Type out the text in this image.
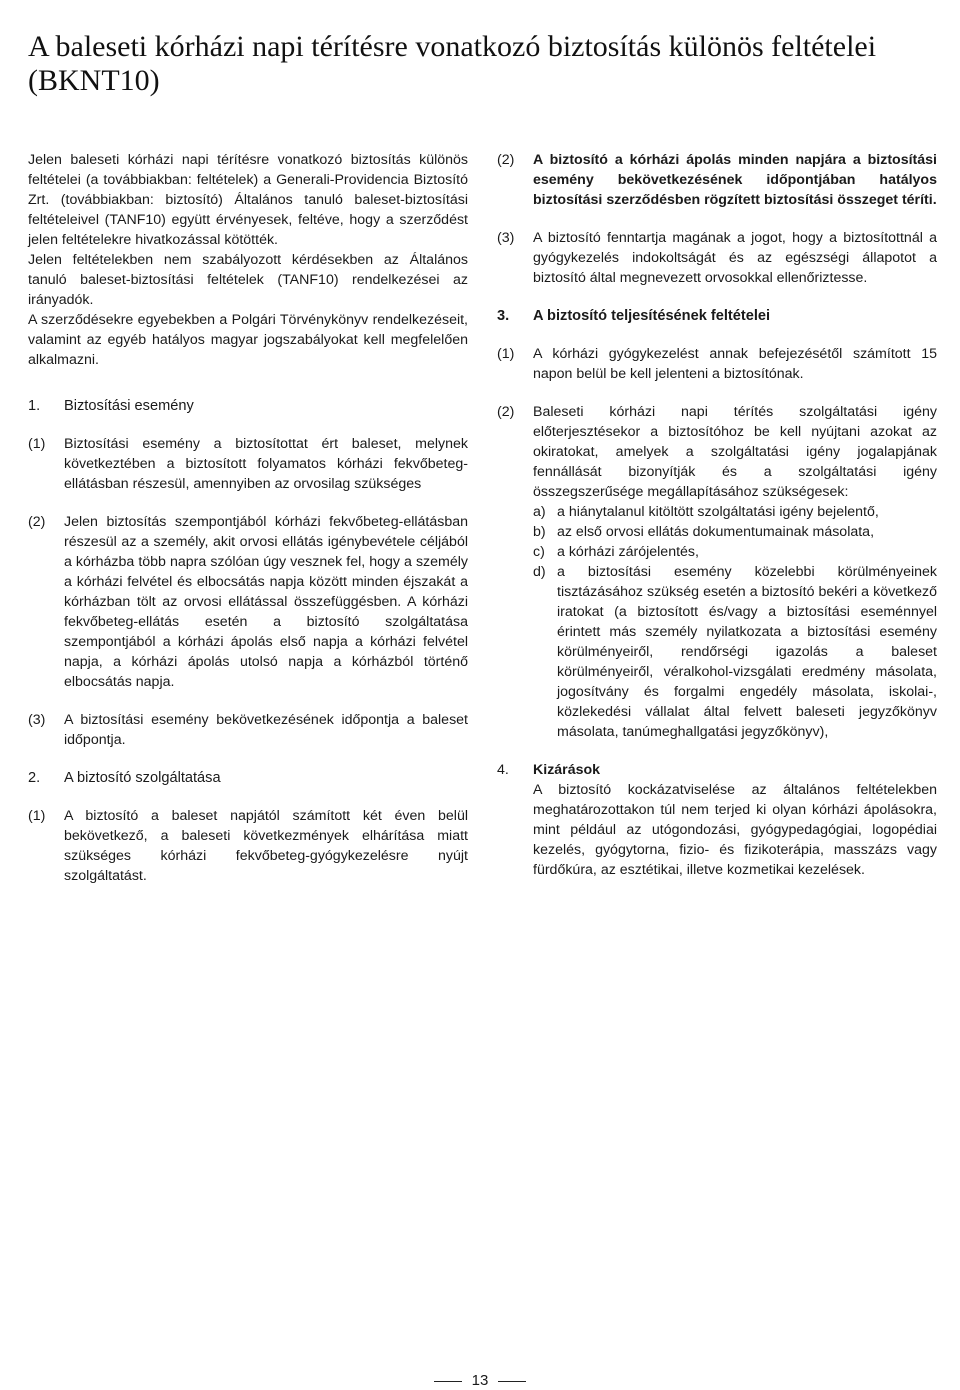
A baleseti kórházi napi térítésre vonatkozó biztosítás különös feltételei (BKNT10)

Jelen baleseti kórházi napi térítésre vonatkozó biztosítás különös feltételei (a továbbiakban: feltételek) a Generali-Providencia Biztosító Zrt. (továbbiakban: biztosító) Általános tanuló baleset-biztosítási feltételeivel (TANF10) együtt érvényesek, feltéve, hogy a szerződést jelen feltételekre hivatkozással kötötték.

Jelen feltételekben nem szabályozott kérdésekben az Általános tanuló baleset-biztosítási feltételek (TANF10) rendelkezései az irányadók.

A szerződésekre egyebekben a Polgári Törvénykönyv rendelkezéseit, valamint az egyéb hatályos magyar jogszabályokat kell megfelelően alkalmazni.

1.	Biztosítási esemény
(1)	Biztosítási esemény a biztosítottat ért baleset, melynek következtében a biztosított folyamatos kórházi fekvőbeteg-ellátásban részesül, amennyiben az orvosilag szükséges
(2)	Jelen biztosítás szempontjából kórházi fekvőbeteg-ellátásban részesül az a személy, akit orvosi ellátás igénybevétele céljából a kórházba több napra szólóan úgy vesznek fel, hogy a személy a kórházi felvétel és elbocsátás napja között minden éjszakát a kórházban tölt az orvosi ellátással összefüggésben. A kórházi fekvőbeteg-ellátás esetén a biztosító szolgáltatása szempontjából a kórházi ápolás első napja a kórházi felvétel napja, a kórházi ápolás utolsó napja a kórházból történő elbocsátás napja.
(3)	A biztosítási esemény bekövetkezésének időpontja a baleset időpontja.
2.	A biztosító szolgáltatása
(1)	A biztosító a baleset napjától számított két éven belül bekövetkező, a baleseti következmények elhárítása miatt szükséges kórházi fekvőbeteg-gyógykezelésre nyújt szolgáltatást.
(2)	A biztosító a kórházi ápolás minden napjára a biztosítási esemény bekövetkezésének időpontjában hatályos biztosítási szerződésben rögzített biztosítási összeget téríti.
(3)	A biztosító fenntartja magának a jogot, hogy a biztosítottnál a gyógykezelés indokoltságát és az egészségi állapotot a biztosító által megnevezett orvosokkal ellenőriztesse.
3.	A biztosító teljesítésének feltételei
(1)	A kórházi gyógykezelést annak befejezésétől számított 15 napon belül be kell jelenteni a biztosítónak.
(2)	Baleseti kórházi napi térítés szolgáltatási igény előterjesztésekor a biztosítóhoz be kell nyújtani azokat az okiratokat, amelyek a szolgáltatási igény jogalapjának fennállását bizonyítják és a szolgáltatási igény összegszerűsége megállapításához szükségesek:

a) a hiánytalanul kitöltött szolgáltatási igény bejelentő,
b) az első orvosi ellátás dokumentumainak másolata,
c) a kórházi zárójelentés,
d) a biztosítási esemény közelebbi körülményeinek tisztázásához szükség esetén a biztosító bekéri a következő iratokat (a biztosított és/vagy a biztosítási eseménnyel érintett más személy nyilatkozata a biztosítási esemény körülményeiről, rendőrségi igazolás a baleset körülményeiről, véralkohol-vizsgálati eredmény másolata, jogosítvány és forgalmi engedély másolata, iskolai-, közlekedési vállalat által felvett baleseti jegyzőkönyv másolata, tanúmeghallgatási jegyzőkönyv),
4.	Kizárások

A biztosító kockázatviselése az általános feltételekben meghatározottakon túl nem terjed ki olyan kórházi ápolásokra, mint például az utógondozási, gyógypedagógiai, logopédiai kezelés, gyógytorna, fizio- és fizikoterápia, masszázs vagy fürdőkúra, az esztétikai, illetve kozmetikai kezelések.

13
